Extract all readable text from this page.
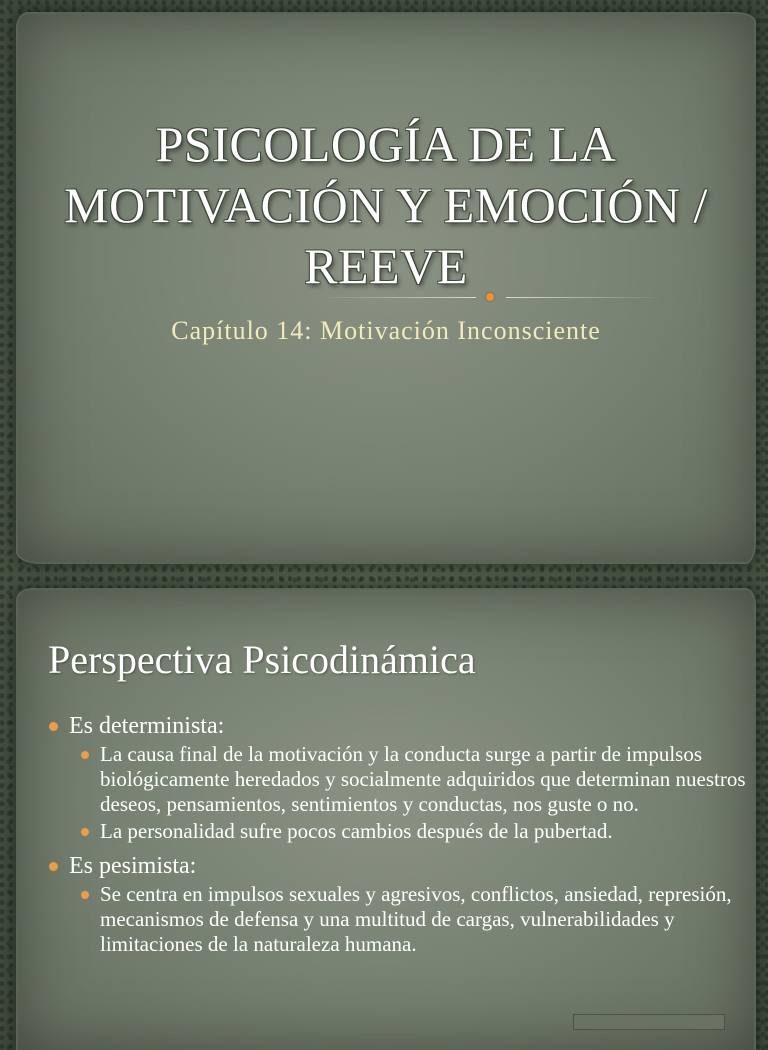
PSICOLOGÍA DE LA
MOTIVACIÓN Y EMOCIÓN /
REEVE

Capítulo 14: Motivación Inconsciente

Perspectiva Psicodinámica

Es determinista:

La causa final de la motivación y la conducta surge a partir de impulsos biológicamente heredados y socialmente adquiridos que determinan nuestros deseos, pensamientos, sentimientos y conductas, nos guste o no.

La personalidad sufre pocos cambios después de la pubertad.

Es pesimista:

Se centra en impulsos sexuales y agresivos, conflictos, ansiedad, represión, mecanismos de defensa y una multitud de cargas, vulnerabilidades y limitaciones de la naturaleza humana.
